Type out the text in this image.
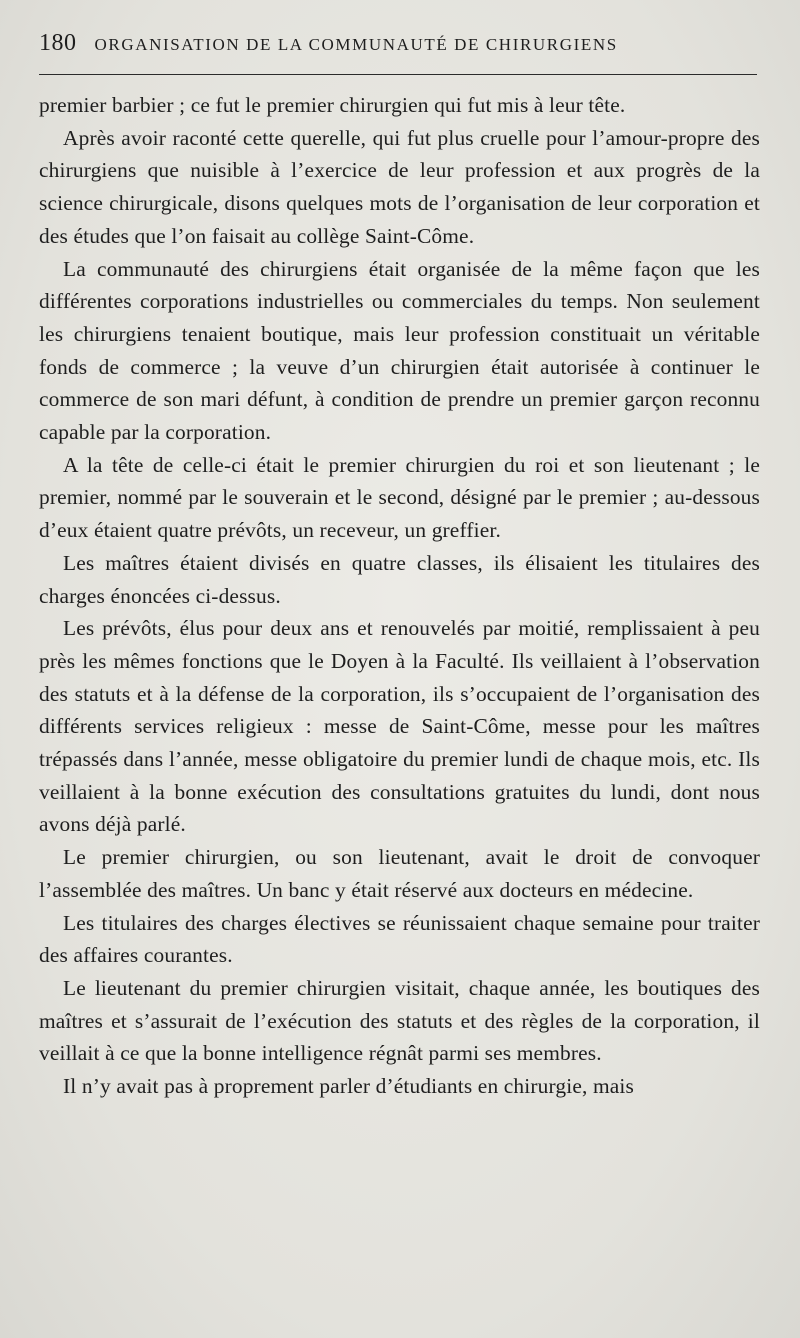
180 ORGANISATION DE LA COMMUNAUTÉ DE CHIRURGIENS

premier barbier ; ce fut le premier chirurgien qui fut mis à leur tête.

Après avoir raconté cette querelle, qui fut plus cruelle pour l’amour-propre des chirurgiens que nuisible à l’exercice de leur profession et aux progrès de la science chirurgicale, disons quelques mots de l’organisation de leur corporation et des études que l’on faisait au collège Saint-Côme.

La communauté des chirurgiens était organisée de la même façon que les différentes corporations industrielles ou commerciales du temps. Non seulement les chirurgiens tenaient boutique, mais leur profession constituait un véritable fonds de commerce ; la veuve d’un chirurgien était autorisée à continuer le commerce de son mari défunt, à condition de prendre un premier garçon reconnu capable par la corporation.

A la tête de celle-ci était le premier chirurgien du roi et son lieutenant ; le premier, nommé par le souverain et le second, désigné par le premier ; au-dessous d’eux étaient quatre prévôts, un receveur, un greffier.

Les maîtres étaient divisés en quatre classes, ils élisaient les titulaires des charges énoncées ci-dessus.

Les prévôts, élus pour deux ans et renouvelés par moitié, remplissaient à peu près les mêmes fonctions que le Doyen à la Faculté. Ils veillaient à l’observation des statuts et à la défense de la corporation, ils s’occupaient de l’organisation des différents services religieux : messe de Saint-Côme, messe pour les maîtres trépassés dans l’année, messe obligatoire du premier lundi de chaque mois, etc. Ils veillaient à la bonne exécution des consultations gratuites du lundi, dont nous avons déjà parlé.

Le premier chirurgien, ou son lieutenant, avait le droit de convoquer l’assemblée des maîtres. Un banc y était réservé aux docteurs en médecine.

Les titulaires des charges électives se réunissaient chaque semaine pour traiter des affaires courantes.

Le lieutenant du premier chirurgien visitait, chaque année, les boutiques des maîtres et s’assurait de l’exécution des statuts et des règles de la corporation, il veillait à ce que la bonne intelligence régnât parmi ses membres.

Il n’y avait pas à proprement parler d’étudiants en chirurgie, mais
